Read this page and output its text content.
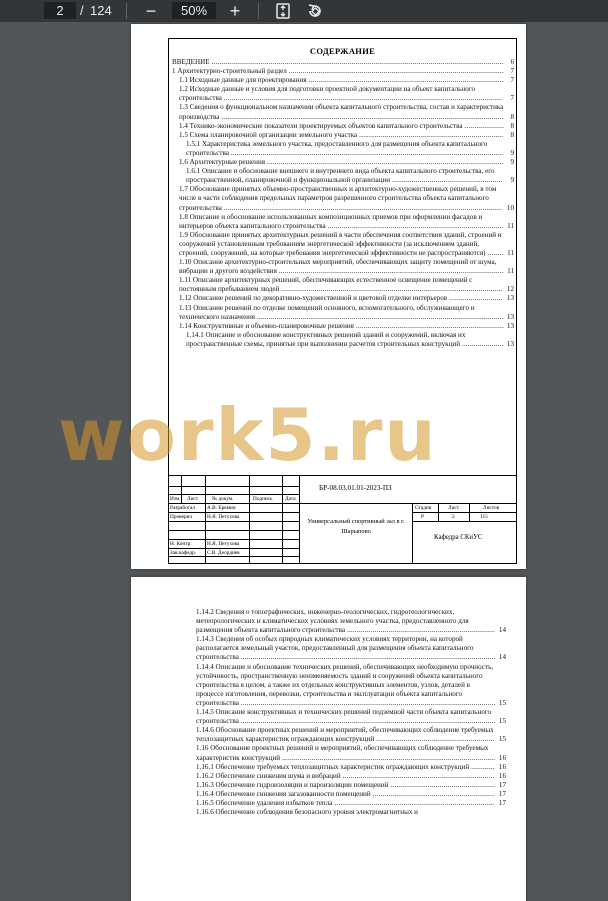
2	/ 124 −	50%	+
СОДЕРЖАНИЕ
ВВЕДЕНИЕ .................................................................................................................................................... 6
1 Архитектурно-строительный раздел ............................................................................................................. 7
1.1 Исходные данные для проектирования ................................................................................................... 7
1.2 Исходные данные и условия для подготовки проектной документации на объект капитального строительства ............................................................................................................................................. 7
1.3 Сведения о функциональном назначении объекта капитального строительства, состав и характеристика производства ............................................................................................................................................... 8
1.4 Технико-экономические показатели проектируемых объектов капитального строительства .................... 8
1.5 Схема планировочной организации земельного участка ......................................................................... 8
1.5.1 Характеристика земельного участка, предоставленного для размещения объекта капитального строительства .......................................................................................................................................... 9
1.6 Архитектурные решения ........................................................................................................................ 9
1.6.1 Описание и обоснование внешнего и внутреннего вида объекта капитального строительства, его пространственной, планировочной и функциональной организации ........................................................ 9
1.7 Обоснование принятых объемно-пространственных и архитектурно-художественных решений, в том числе в части соблюдения предельных параметров разрешенного строительства объекта капитального строительства ............................................................................................................................................. 10
1.8 Описание и обоснование использованных композиционных приемов при оформлении фасадов и интерьеров объекта капитального строительства ......................................................................................... 11
1.9 Обоснование принятых архитектурных решений в части обеспечения соответствия зданий, строений и сооружений установленным требованиям энергетической эффективности (за исключением зданий, строений, сооружений, на которые требования энергетической эффективности не распространяются) ........ 11
1.10 Описание архитектурно-строительных мероприятий, обеспечивающих защиту помещений от шума, вибрации и другого воздействия .................................................................................................................. 11
1.11 Описание архитектурных решений, обеспечивающих естественное освещение помещений с постоянным пребыванием людей ................................................................................................................ 12
1.12 Описание решений по декоративно-художественной и цветовой отделке интерьеров ........................... 13
1.13 Описание решений по отделке помещений основного, вспомогательного, обслуживающего и технического назначения ............................................................................................................................. 13
1.14 Конструктивные и объемно-планировочные решения ........................................................................... 13
1.14.1 Описание и обоснование конструктивных решений зданий и сооружений, включая их пространственные схемы, принятые при выполнении расчетов строительных конструкций ..................... 13
Изм. Лист	№ докум.	Подпись Дата
БР-08.03.01.01-2023-ПЗ
Разработал А.В. Еремин
Проверил	Н.Я. Петухова
Н. Контр.	Н.Я. Петухова
Зав.кафедр. С.В. Деордиев
Универсальный спортивный зал в г. Шарыпово
Стадия	Лист	Листов
Р	2	115
Кафедра СКиУС
1.14.2 Сведения о топографических, инженерно-геологических, гидрогеологических, метеорологических и климатических условиях земельного участка, предоставленного для размещения объекта капитального строительства ........................................................................... 14
1.14.3 Сведения об особых природных климатических условиях территории, на которой располагается земельный участок, предоставленный для размещения объекта капитального строительства ................................................................................................................................. 14
1.14.4 Описание и обоснование технических решений, обеспечивающих необходимую прочность, устойчивость, пространственную неизменяемость зданий и сооружений объекта капитального строительства в целом, а также их отдельных конструктивных элементов, узлов, деталей в процессе изготовления, перевозки, строительства и эксплуатации объекта капитального строительства ................................................................................................................................. 15
1.14.5 Описание конструктивных и технических решений подземной части объекта капитального строительства ................................................................................................................................. 15
1.14.6 Обоснование проектных решений и мероприятий, обеспечивающих соблюдение требуемых теплозащитных характеристик ограждающих конструкций ............................................................ 15
1.16 Обоснование проектных решений и мероприятий, обеспечивающих соблюдение требуемых характеристик конструкций ............................................................................................................ 16
1.16.1 Обеспечение требуемых теплозащитных характеристик ограждающих конструкций ............ 16
1.16.2 Обеспечение снижения шума и вибраций ............................................................................. 16
1.16.3 Обеспечение гидроизоляции и пароизоляции помещений ..................................................... 17
1.16.4 Обеспечение снижения загазованности помещений .............................................................. 17
1.16.5 Обеспечение удаления избытков тепла ................................................................................. 17
1.16.6 Обеспечение соблюдения безопасного уровня электромагнитных и
work5.ru
